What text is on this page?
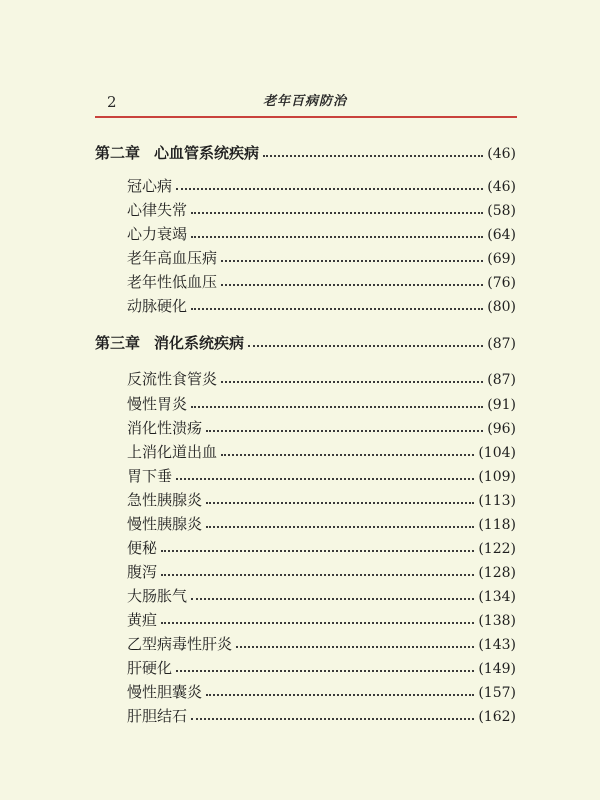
2	老年百病防治
第二章 心血管系统疾病	(46)
冠心病	(46)
心律失常	(58)
心力衰竭	(64)
老年高血压病	(69)
老年性低血压	(76)
动脉硬化	(80)
第三章 消化系统疾病	(87)
反流性食管炎	(87)
慢性胃炎	(91)
消化性溃疡	(96)
上消化道出血	(104)
胃下垂	(109)
急性胰腺炎	(113)
慢性胰腺炎	(118)
便秘	(122)
腹泻	(128)
大肠胀气	(134)
黄疸	(138)
乙型病毒性肝炎	(143)
肝硬化	(149)
慢性胆囊炎	(157)
肝胆结石	(162)
